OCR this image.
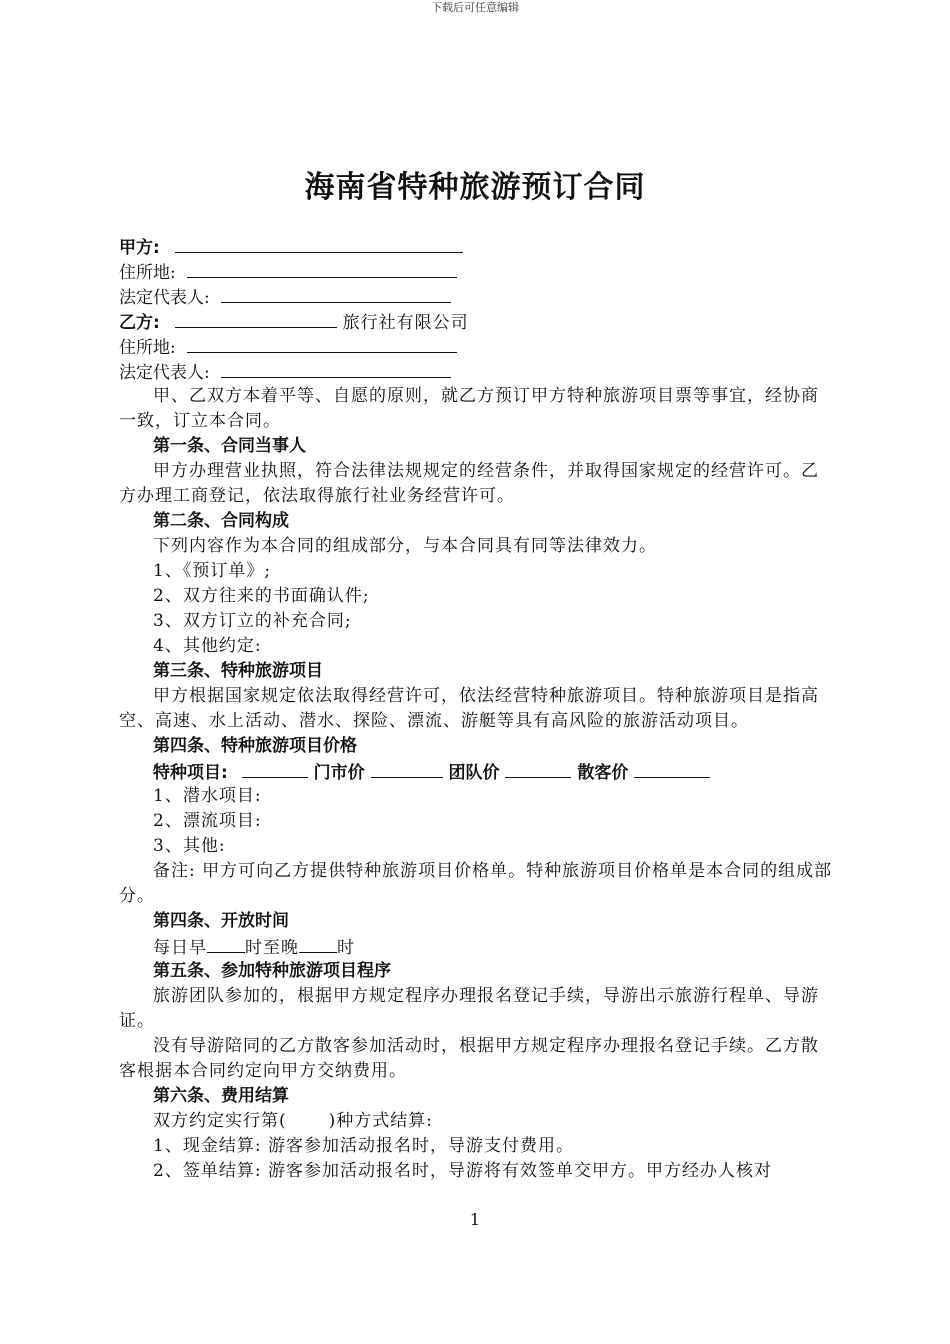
下载后可任意编辑
海南省特种旅游预订合同
甲方:
住所地:
法定代表人:
乙方:	旅行社有限公司
住所地:
法定代表人:

甲、乙双方本着平等、自愿的原则，就乙方预订甲方特种旅游项目票等事宜，经协商一致，订立本合同。

第一条、合同当事人

甲方办理营业执照，符合法律法规规定的经营条件，并取得国家规定的经营许可。乙方办理工商登记，依法取得旅行社业务经营许可。

第二条、合同构成

下列内容作为本合同的组成部分，与本合同具有同等法律效力。

1、《预订单》;
2、双方往来的书面确认件;
3、双方订立的补充合同;
4、其他约定:
第三条、特种旅游项目

甲方根据国家规定依法取得经营许可，依法经营特种旅游项目。特种旅游项目是指高空、高速、水上活动、潜水、探险、漂流、游艇等具有高风险的旅游活动项目。

第四条、特种旅游项目价格
特种项目:	门市价	团队价	散客价
1、潜水项目:
2、漂流项目:
3、其他:

备注: 甲方可向乙方提供特种旅游项目价格单。特种旅游项目价格单是本合同的组成部分。

第四条、开放时间
每日早 时至晚 时
第五条、参加特种旅游项目程序

旅游团队参加的，根据甲方规定程序办理报名登记手续，导游出示旅游行程单、导游证。

没有导游陪同的乙方散客参加活动时，根据甲方规定程序办理报名登记手续。乙方散客根据本合同约定向甲方交纳费用。

第六条、费用结算
双方约定实行第( )种方式结算:
1、现金结算: 游客参加活动报名时，导游支付费用。
2、签单结算: 游客参加活动报名时，导游将有效签单交甲方。甲方经办人核对
1
